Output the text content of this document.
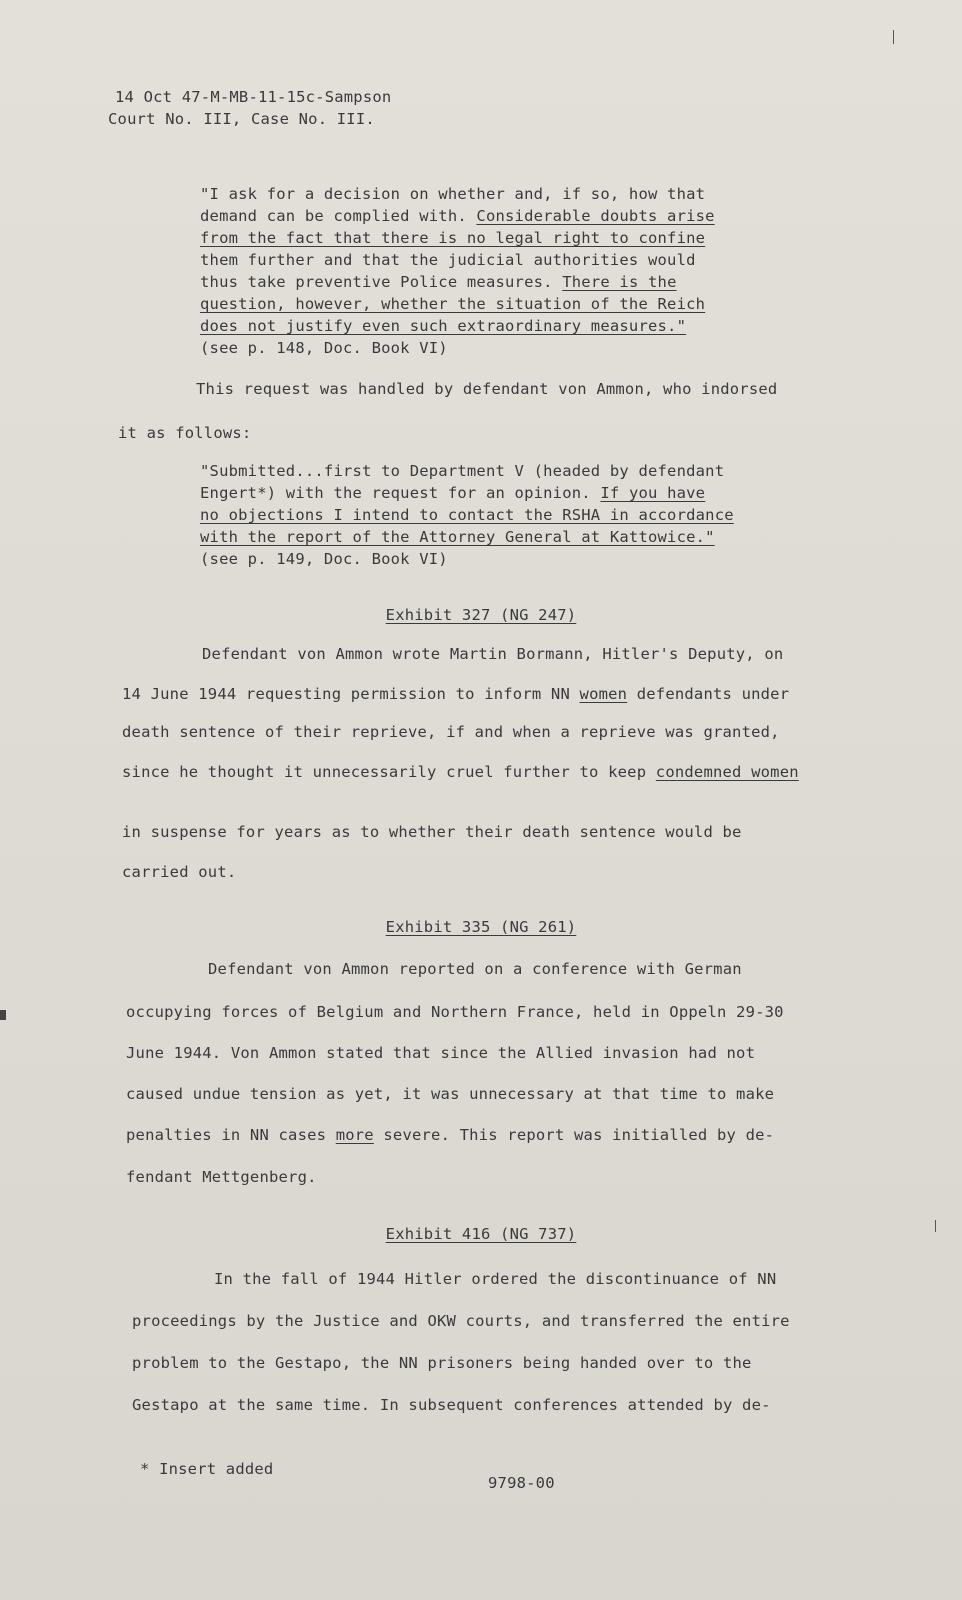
14 Oct 47-M-MB-11-15c-Sampson
Court No. III, Case No. III.
"I ask for a decision on whether and, if so, how that
demand can be complied with. Considerable doubts arise
from the fact that there is no legal right to confine
them further and that the judicial authorities would
thus take preventive Police measures. There is the
question, however, whether the situation of the Reich
does not justify even such extraordinary measures."
(see p. 148, Doc. Book VI)
This request was handled by defendant von Ammon, who indorsed
it as follows:
"Submitted...first to Department V (headed by defendant
Engert*) with the request for an opinion. If you have
no objections I intend to contact the RSHA in accordance
with the report of the Attorney General at Kattowice."
(see p. 149, Doc. Book VI)
Exhibit 327 (NG 247)
Defendant von Ammon wrote Martin Bormann, Hitler's Deputy, on
14 June 1944 requesting permission to inform NN women defendants under
death sentence of their reprieve, if and when a reprieve was granted,
since he thought it unnecessarily cruel further to keep condemned women
in suspense for years as to whether their death sentence would be
carried out.
Exhibit 335 (NG 261)
Defendant von Ammon reported on a conference with German
occupying forces of Belgium and Northern France, held in Oppeln 29-30
June 1944. Von Ammon stated that since the Allied invasion had not
caused undue tension as yet, it was unnecessary at that time to make
penalties in NN cases more severe. This report was initialled by de-
fendant Mettgenberg.
Exhibit 416 (NG 737)
In the fall of 1944 Hitler ordered the discontinuance of NN
proceedings by the Justice and OKW courts, and transferred the entire
problem to the Gestapo, the NN prisoners being handed over to the
Gestapo at the same time. In subsequent conferences attended by de-
* Insert added
9798-00
